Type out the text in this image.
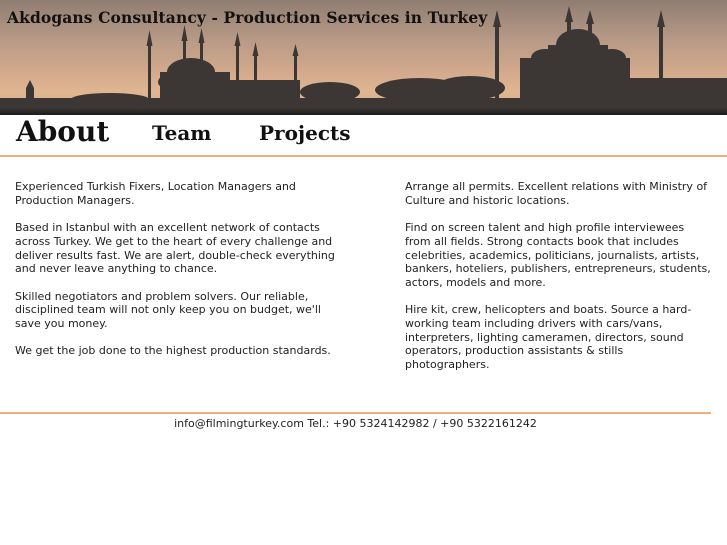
Akdogans Consultancy - Production Services in Turkey
About Team Projects

Experienced Turkish Fixers, Location Managers and Production Managers.

Based in Istanbul with an excellent network of contacts across Turkey. We get to the heart of every challenge and deliver results fast. We are alert, double-check everything and never leave anything to chance.

Skilled negotiators and problem solvers. Our reliable, disciplined team will not only keep you on budget, we'll save you money.

We get the job done to the highest production standards.

Arrange all permits. Excellent relations with Ministry of Culture and historic locations.

Find on screen talent and high profile interviewees from all fields. Strong contacts book that includes celebrities, academics, politicians, journalists, artists, bankers, hoteliers, publishers, entrepreneurs, students, actors, models and more.

Hire kit, crew, helicopters and boats. Source a hard-working team including drivers with cars/vans, interpreters, lighting cameramen, directors, sound operators, production assistants & stills photographers.

info@filmingturkey.com Tel.: +90 5324142982 / +90 5322161242
